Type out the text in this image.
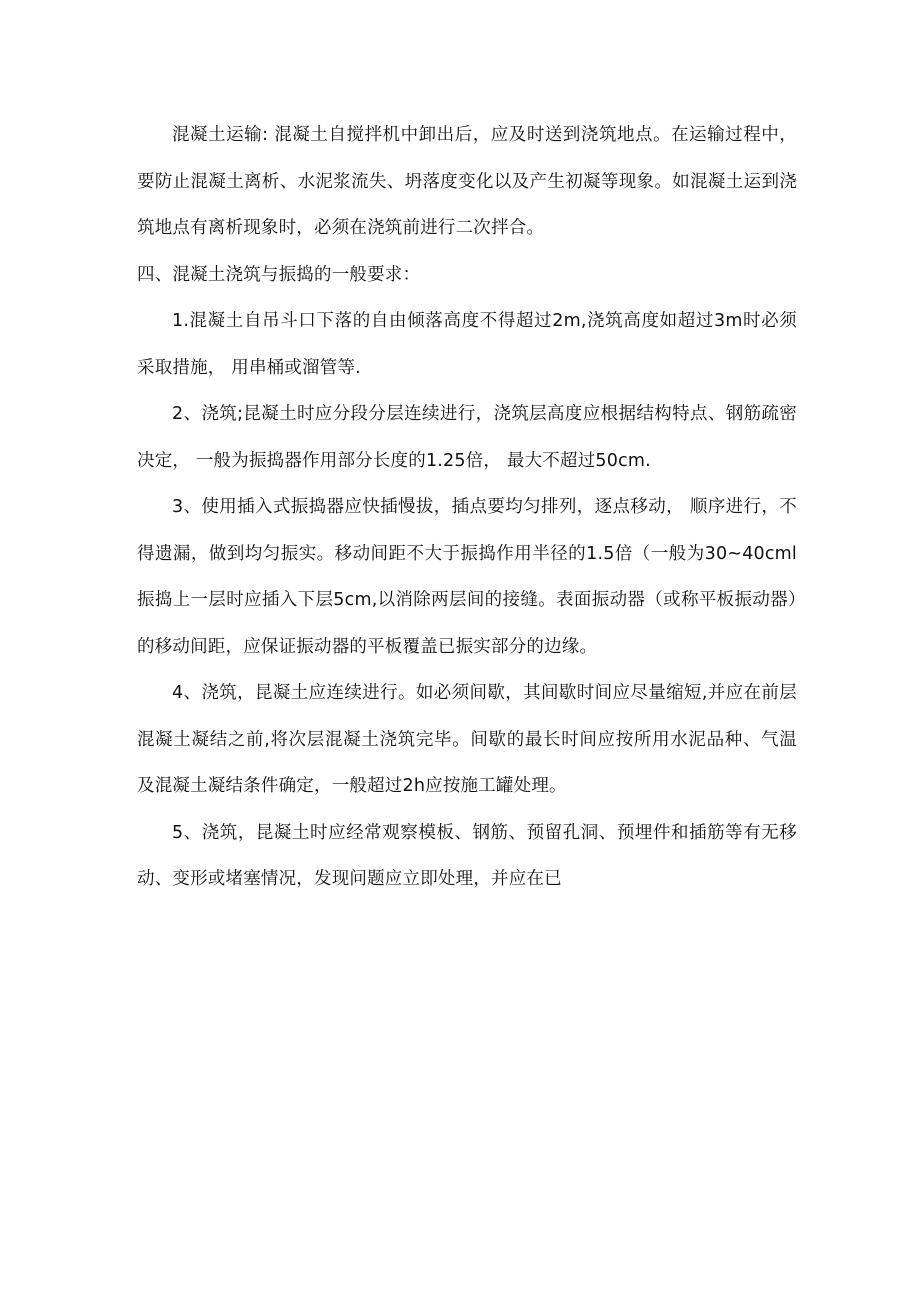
混凝土运输: 混凝土自搅拌机中卸出后，应及时送到浇筑地点。在运输过程中，要防止混凝土离析、水泥浆流失、坍落度变化以及产生初凝等现象。如混凝土运到浇筑地点有离析现象时，必须在浇筑前进行二次拌合。

四、混凝土浇筑与振捣的一般要求：

1.混凝土自吊斗口下落的自由倾落高度不得超过2m,浇筑高度如超过3m时必须采取措施， 用串桶或溜管等.

2、浇筑;昆凝土时应分段分层连续进行，浇筑层高度应根据结构特点、钢筋疏密决定， 一般为振捣器作用部分长度的1.25倍， 最大不超过50cm.

3、使用插入式振捣器应快插慢拔，插点要均匀排列，逐点移动， 顺序进行，不得遗漏，做到均匀振实。移动间距不大于振捣作用半径的1.5倍（一般为30~40cml振捣上一层时应插入下层5cm,以消除两层间的接缝。表面振动器（或称平板振动器）的移动间距，应保证振动器的平板覆盖已振实部分的边缘。

4、浇筑，昆凝土应连续进行。如必须间歇，其间歇时间应尽量缩短,并应在前层混凝土凝结之前,将次层混凝土浇筑完毕。间歇的最长时间应按所用水泥品种、气温及混凝土凝结条件确定，一般超过2h应按施工罐处理。

5、浇筑，昆凝土时应经常观察模板、钢筋、预留孔洞、预埋件和插筋等有无移动、变形或堵塞情况，发现问题应立即处理，并应在已
